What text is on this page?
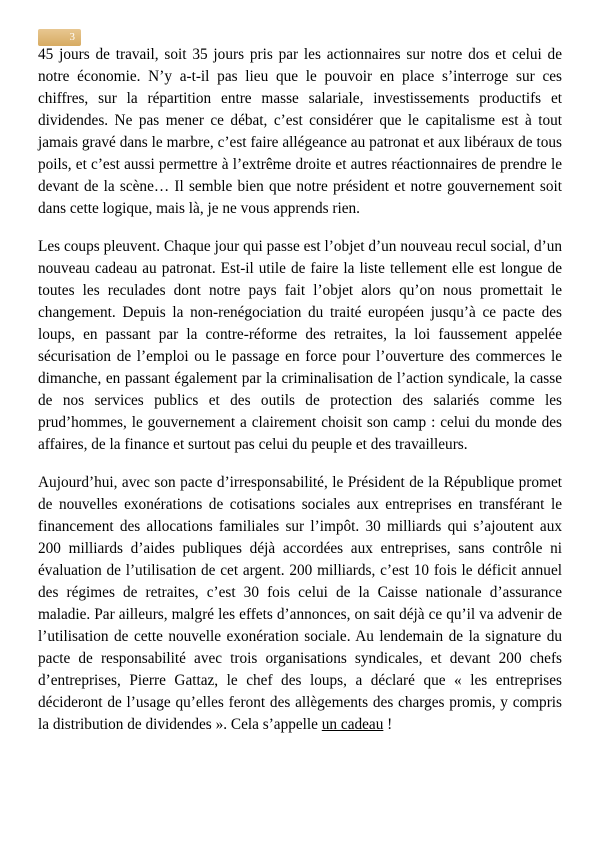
3

45 jours de travail, soit 35 jours pris par les actionnaires sur notre dos et celui de notre économie. N’y a-t-il pas lieu que le pouvoir en place s’interroge sur ces chiffres, sur la répartition entre masse salariale, investissements productifs et dividendes. Ne pas mener ce débat, c’est considérer que le capitalisme est à tout jamais gravé dans le marbre, c’est faire allégeance au patronat et aux libéraux de tous poils, et c’est aussi permettre à l’extrême droite et autres réactionnaires de prendre le devant de la scène… Il semble bien que notre président et notre gouvernement soit dans cette logique, mais là, je ne vous apprends rien.

Les coups pleuvent. Chaque jour qui passe est l’objet d’un nouveau recul social, d’un nouveau cadeau au patronat. Est-il utile de faire la liste tellement elle est longue de toutes les reculades dont notre pays fait l’objet alors qu’on nous promettait le changement. Depuis la non-renégociation du traité européen jusqu’à ce pacte des loups, en passant par la contre-réforme des retraites, la loi faussement appelée sécurisation de l’emploi ou le passage en force pour l’ouverture des commerces le dimanche, en passant également par la criminalisation de l’action syndicale, la casse de nos services publics et des outils de protection des salariés comme les prud’hommes, le gouvernement a clairement choisit son camp : celui du monde des affaires, de la finance et surtout pas celui du peuple et des travailleurs.

Aujourd’hui, avec son pacte d’irresponsabilité, le Président de la République promet de nouvelles exonérations de cotisations sociales aux entreprises en transférant le financement des allocations familiales sur l’impôt. 30 milliards qui s’ajoutent aux 200 milliards d’aides publiques déjà accordées aux entreprises, sans contrôle ni évaluation de l’utilisation de cet argent. 200 milliards, c’est 10 fois le déficit annuel des régimes de retraites, c’est 30 fois celui de la Caisse nationale d’assurance maladie. Par ailleurs, malgré les effets d’annonces, on sait déjà ce qu’il va advenir de l’utilisation de cette nouvelle exonération sociale. Au lendemain de la signature du pacte de responsabilité avec trois organisations syndicales, et devant 200 chefs d’entreprises, Pierre Gattaz, le chef des loups, a déclaré que « les entreprises décideront de l’usage qu’elles feront des allègements des charges promis, y compris la distribution de dividendes ». Cela s’appelle un cadeau !
